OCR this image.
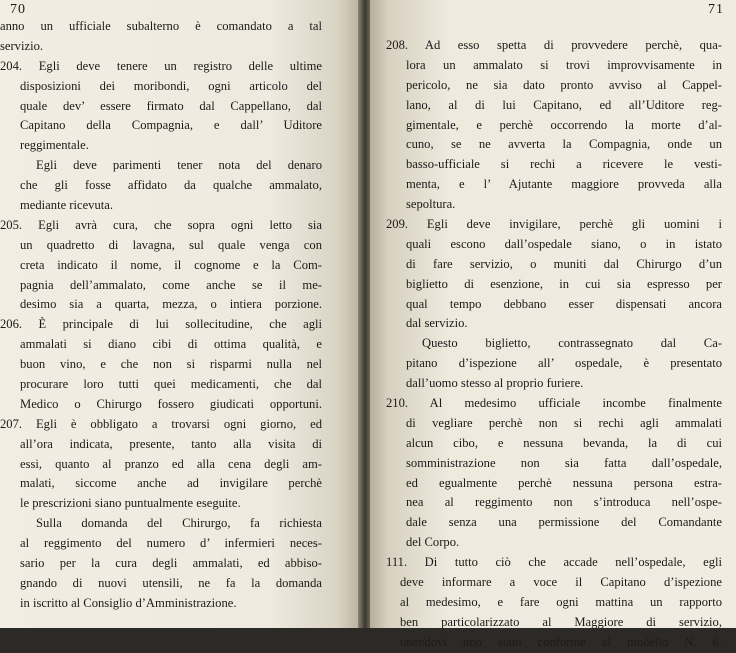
70
anno un ufficiale subalterno è comandato a tal
servizio.
204. Egli deve tenere un registro delle ultime
disposizioni dei moribondi, ogni articolo del
quale dev’ essere firmato dal Cappellano, dal
Capitano della Compagnia, e dall’ Uditore
reggimentale.
Egli deve parimenti tener nota del denaro
che gli fosse affidato da qualche ammalato,
mediante ricevuta.
205. Egli avrà cura, che sopra ogni letto sia
un quadretto di lavagna, sul quale venga con
creta indicato il nome, il cognome e la Com-
pagnia dell’ammalato, come anche se il me-
desimo sia a quarta, mezza, o intiera porzione.
206. È principale di lui sollecitudine, che agli
ammalati si diano cibi di ottima qualità, e
buon vino, e che non si risparmi nulla nel
procurare loro tutti quei medicamenti, che dal
Medico o Chirurgo fossero giudicati opportuni.
207. Egli è obbligato a trovarsi ogni giorno, ed
all’ora indicata, presente, tanto alla visita di
essi, quanto al pranzo ed alla cena degli am-
malati, siccome anche ad invigilare perchè
le prescrizioni siano puntualmente eseguite.
Sulla domanda del Chirurgo, fa richiesta
al reggimento del numero d’ infermieri neces-
sario per la cura degli ammalati, ed abbiso-
gnando di nuovi utensili, ne fa la domanda
in iscritto al Consiglio d’Amministrazione.
71
208. Ad esso spetta di provvedere perchè, qua-
lora un ammalato si trovi improvvisamente in
pericolo, ne sia dato pronto avviso al Cappel-
lano, al di lui Capitano, ed all’Uditore reg-
gimentale, e perchè occorrendo la morte d’al-
cuno, se ne avverta la Compagnia, onde un
basso-ufficiale si rechi a ricevere le vesti-
menta, e l’ Ajutante maggiore provveda alla
sepoltura.
209. Egli deve invigilare, perchè gli uomini i
quali escono dall’ospedale siano, o in istato
di fare servizio, o muniti dal Chirurgo d’un
biglietto di esenzione, in cui sia espresso per
qual tempo debbano esser dispensati ancora
dal servizio.
Questo biglietto, contrassegnato dal Ca-
pitano d’ispezione all’ ospedale, è presentato
dall’uomo stesso al proprio furiere.
210. Al medesimo ufficiale incombe finalmente
di vegliare perchè non si rechi agli ammalati
alcun cibo, e nessuna bevanda, la di cui
somministrazione non sia fatta dall’ospedale,
ed egualmente perchè nessuna persona estra-
nea al reggimento non s’introduca nell’ospe-
dale senza una permissione del Comandante
del Corpo.
111. Di tutto ciò che accade nell’ospedale, egli
deve informare a voce il Capitano d’ispezione
al medesimo, e fare ogni mattina un rapporto
ben particolarizzato al Maggiore di servizio,
unendovi uno stato conforme al modello N. 6.
